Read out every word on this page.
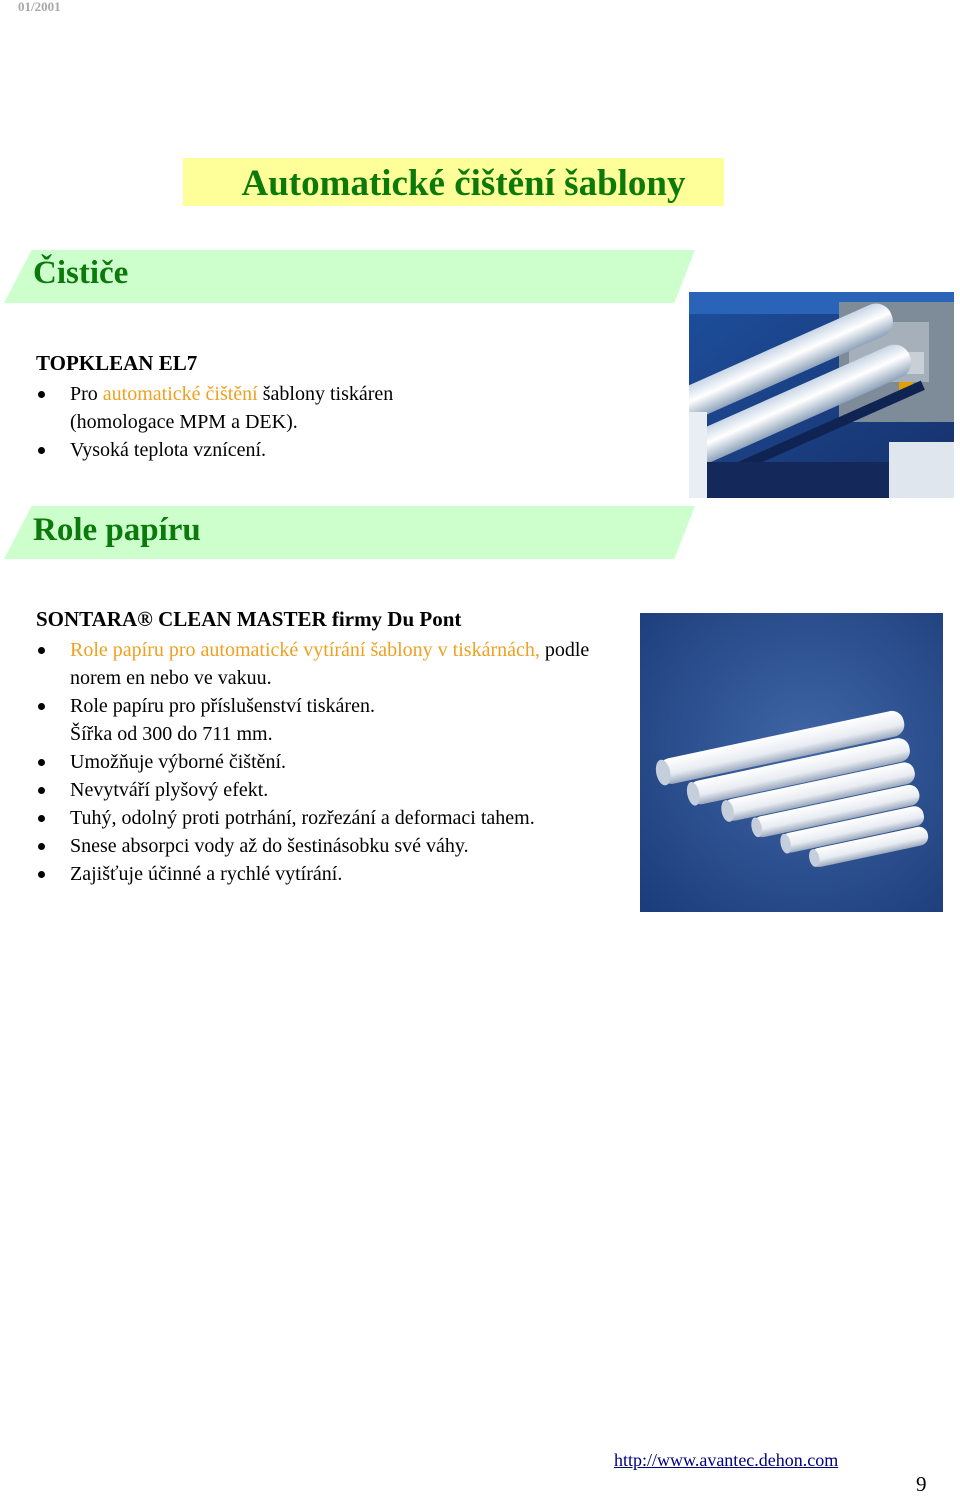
01/2001
Automatické čištění šablony
Čističe
TOPKLEAN EL7
Pro automatické čištění šablony tiskáren
(homologace MPM a DEK).
Vysoká teplota vznícení.
Role papíru
SONTARA® CLEAN MASTER firmy Du Pont
Role papíru pro automatické vytírání šablony v tiskárnách, podle norem en nebo ve vakuu.
Role papíru pro příslušenství tiskáren.
Šířka od 300 do 711 mm.
Umožňuje výborné čištění.
Nevytváří plyšový efekt.
Tuhý, odolný proti potrhání, rozřezání a deformaci tahem.
Snese absorpci vody až do šestinásobku své váhy.
Zajišťuje účinné a rychlé vytírání.
http://www.avantec.dehon.com
9
